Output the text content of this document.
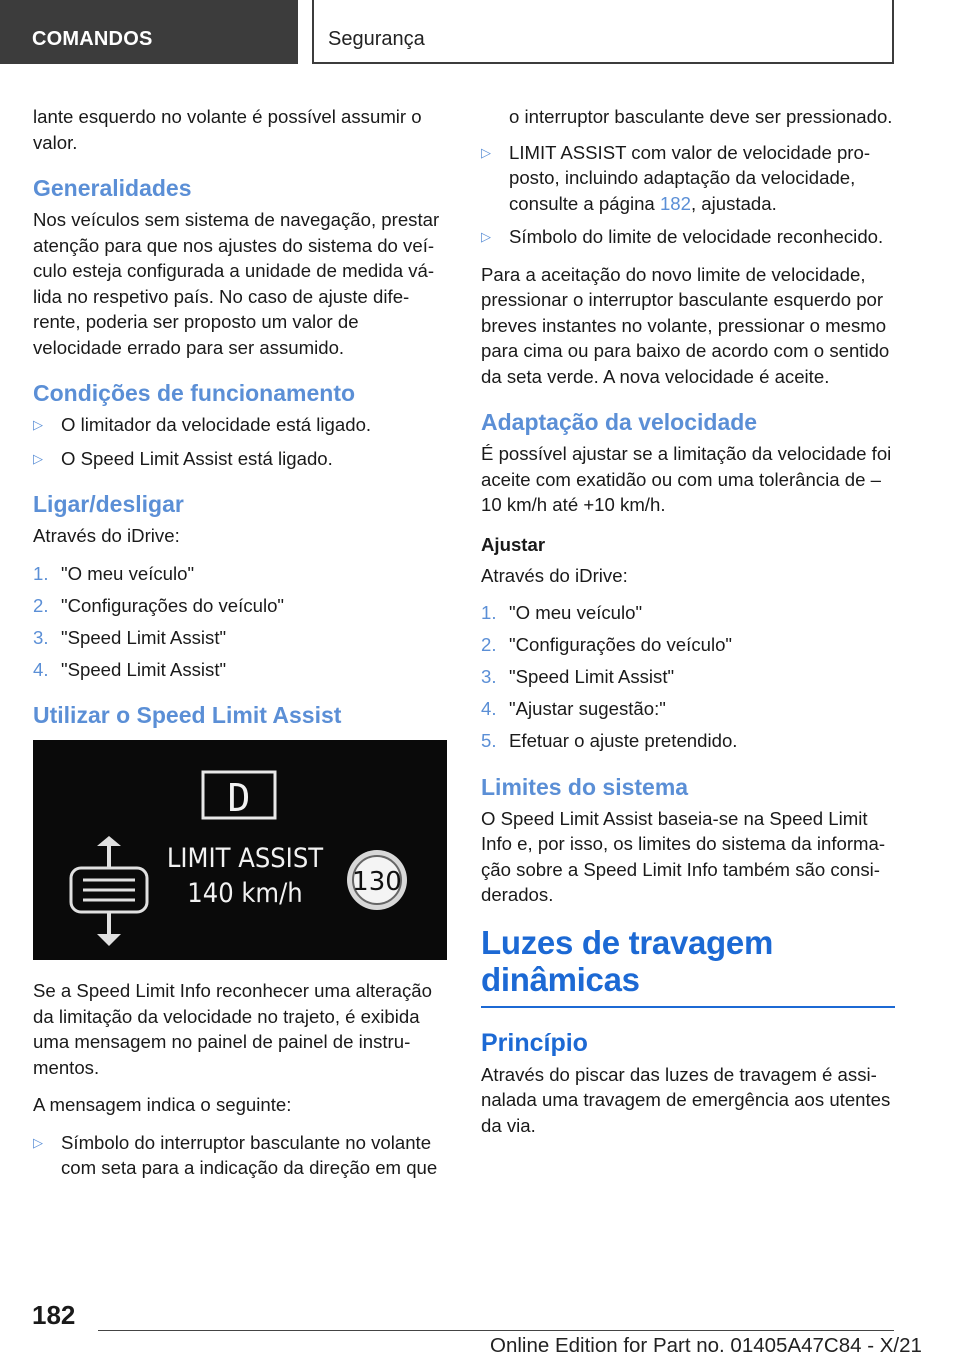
COMANDOS	Segurança

lante esquerdo no volante é possível assumir o valor.

Generalidades

Nos veículos sem sistema de navegação, prestar atenção para que nos ajustes do sistema do veículo esteja configurada a unidade de medida válida no respetivo país. No caso de ajuste diferente, poderia ser proposto um valor de velocidade errado para ser assumido.

Condições de funcionamento
▷ O limitador da velocidade está ligado.
▷ O Speed Limit Assist está ligado.
Ligar/desligar

Através do iDrive:

1. "O meu veículo"
2. "Configurações do veículo"
3. "Speed Limit Assist"
4. "Speed Limit Assist"
Utilizar o Speed Limit Assist
D
LIMIT ASSIST
140 km/h 130

Se a Speed Limit Info reconhecer uma alteração da limitação da velocidade no trajeto, é exibida uma mensagem no painel de painel de instrumentos.

A mensagem indica o seguinte:

▷ Símbolo do interruptor basculante no volante com seta para a indicação da direção em que

o interruptor basculante deve ser pressionado.

▷ LIMIT ASSIST com valor de velocidade proposto, incluindo adaptação da velocidade, consulte a página 182, ajustada.
▷ Símbolo do limite de velocidade reconhecido.

Para a aceitação do novo limite de velocidade, pressionar o interruptor basculante esquerdo por breves instantes no volante, pressionar o mesmo para cima ou para baixo de acordo com o sentido da seta verde. A nova velocidade é aceite.

Adaptação da velocidade

É possível ajustar se a limitação da velocidade foi aceite com exatidão ou com uma tolerância de – 10 km/h até +10 km/h.

Ajustar

Através do iDrive:

1. "O meu veículo"
2. "Configurações do veículo"
3. "Speed Limit Assist"
4. "Ajustar sugestão:"
5. Efetuar o ajuste pretendido.
Limites do sistema

O Speed Limit Assist baseia-se na Speed Limit Info e, por isso, os limites do sistema da informação sobre a Speed Limit Info também são considerados.

Luzes de travagem
dinâmicas
Princípio

Através do piscar das luzes de travagem é assinalada uma travagem de emergência aos utentes da via.

182
Online Edition for Part no. 01405A47C84 - X/21
